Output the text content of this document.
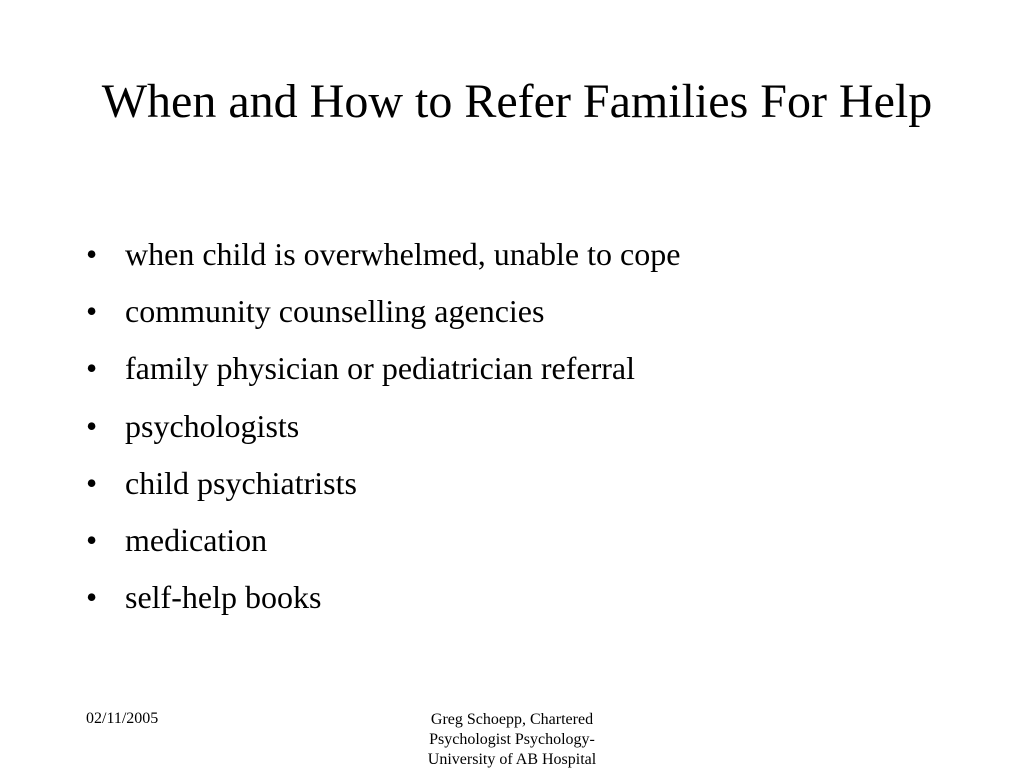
When and How to Refer Families For Help
• when child is overwhelmed, unable to cope
• community counselling agencies
• family physician or pediatrician referral
• psychologists
• child psychiatrists
• medication
• self-help books
02/11/2005	Greg Schoepp, Chartered
Psychologist Psychology-
University of AB Hospital
